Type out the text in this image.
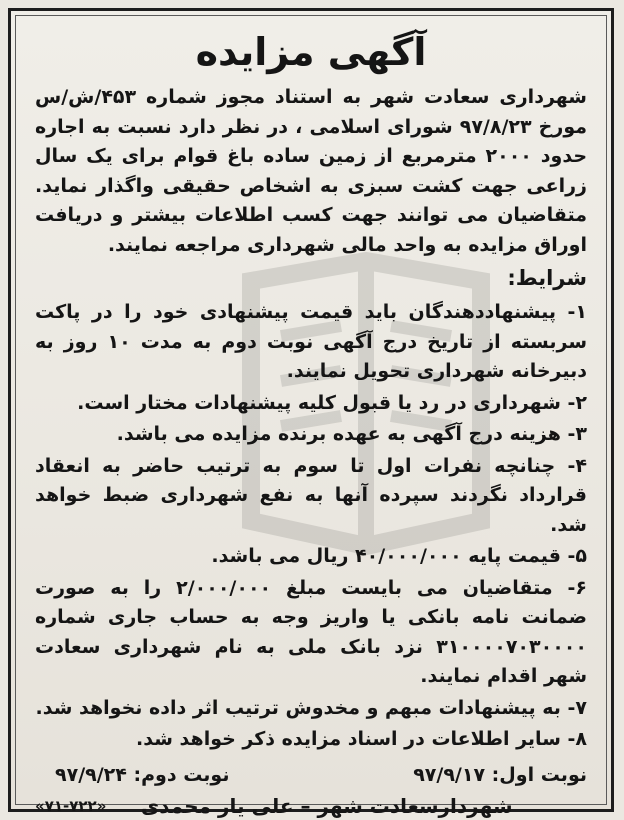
آگهی مزایده
شهرداری سعادت شهر به استناد مجوز شماره ۴۵۳/ش/س مورخ ۹۷/۸/۲۳ شورای اسلامی ، در نظر دارد نسبت به اجاره حدود ۲۰۰۰ مترمربع از زمین ساده باغ قوام برای یک سال زراعی جهت کشت سبزی به اشخاص حقیقی واگذار نماید. متقاضیان می توانند جهت کسب اطلاعات بیشتر و دریافت اوراق مزایده به واحد مالی شهرداری مراجعه نمایند.
شرایط:
۱- پیشنهاددهندگان باید قیمت پیشنهادی خود را در پاکت سربسته از تاریخ درج آگهی نوبت دوم به مدت ۱۰ روز به دبیرخانه شهرداری تحویل نمایند.
۲- شهرداری در رد یا قبول کلیه پیشنهادات مختار است.
۳- هزینه درج آگهی به عهده برنده مزایده می باشد.
۴- چنانچه نفرات اول تا سوم به ترتیب حاضر به انعقاد قرارداد نگردند سپرده آنها به نفع شهرداری ضبط خواهد شد.
۵- قیمت پایه ۴۰/۰۰۰/۰۰۰ ریال می باشد.
۶- متقاضیان می بایست مبلغ ۲/۰۰۰/۰۰۰ را به صورت ضمانت نامه بانکی یا واریز وجه به حساب جاری شماره ۳۱۰۰۰۰۷۰۳۰۰۰۰ نزد بانک ملی به نام شهرداری سعادت شهر اقدام نمایند.
۷- به پیشنهادات مبهم و مخدوش ترتیب اثر داده نخواهد شد.
۸- سایر اطلاعات در اسناد مزایده ذکر خواهد شد.
نوبت اول: ۹۷/۹/۱۷
نوبت دوم: ۹۷/۹/۲۴
شهردارسعادت شهر – علی یار محمدی
«۷۱-۷۲۲»
